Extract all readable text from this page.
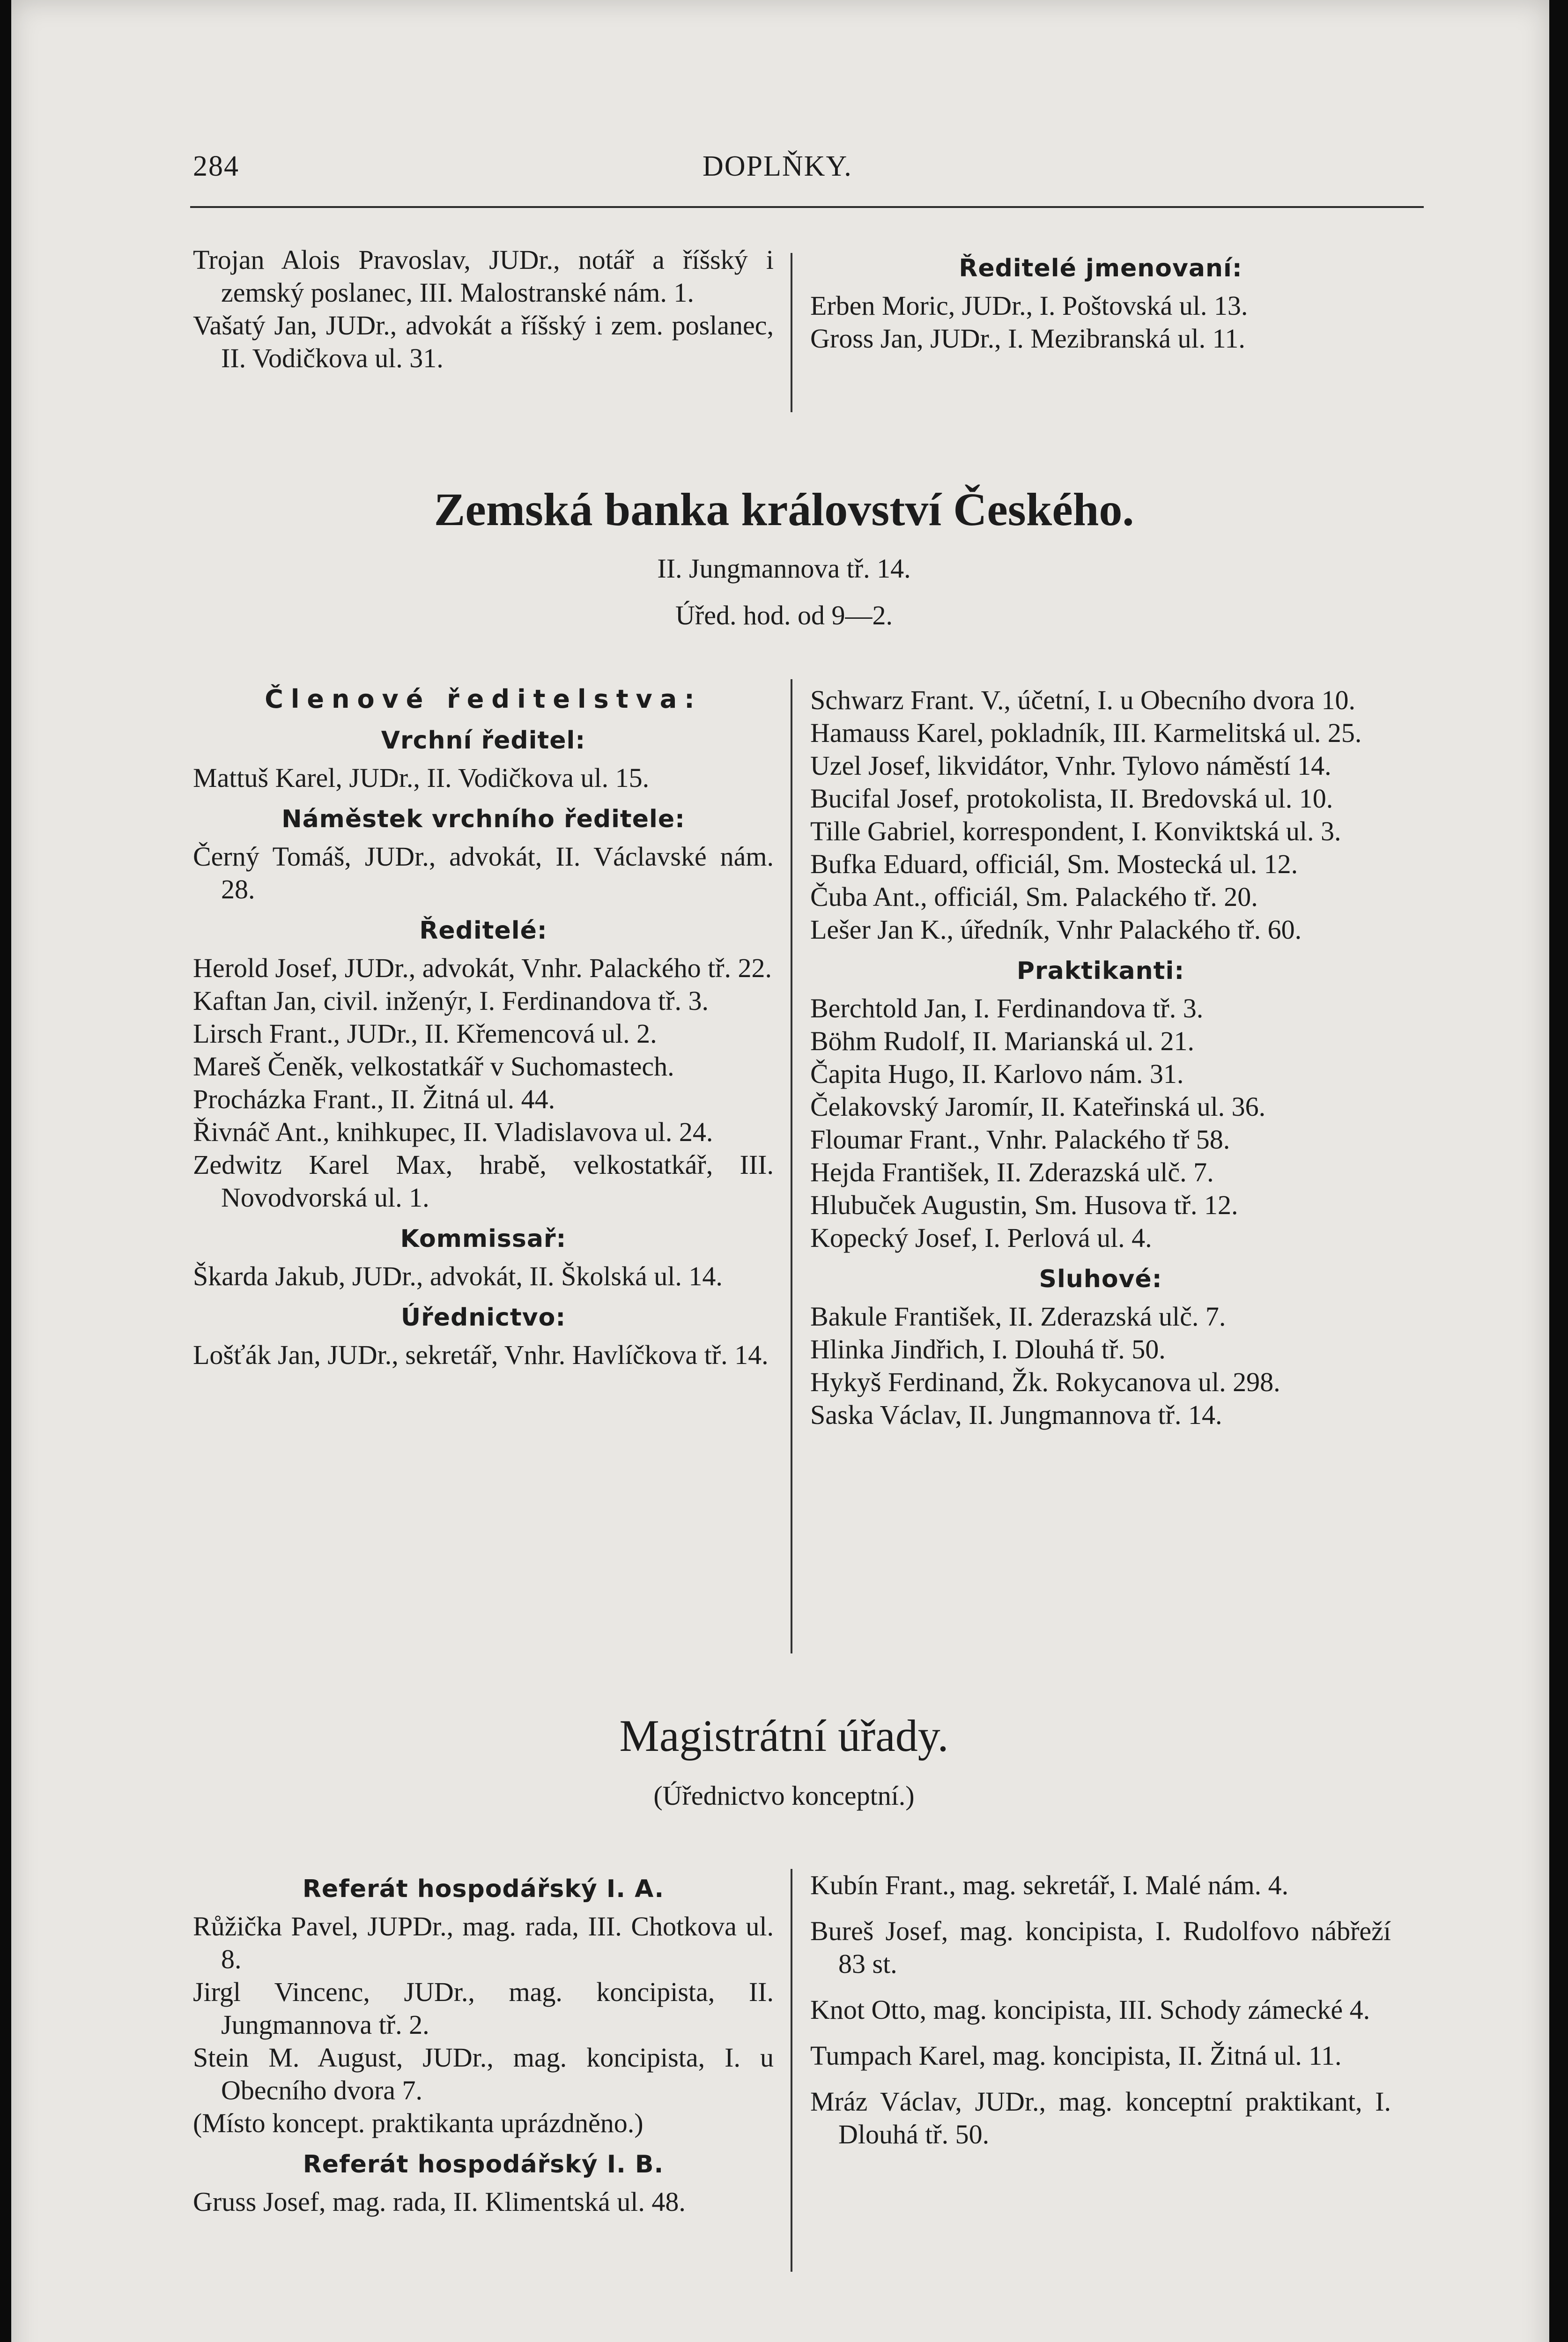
284	DOPLŇKY.

Trojan Alois Pravoslav, JUDr., notář a říšský i zemský poslanec, III. Malostranské nám. 1.

Vašatý Jan, JUDr., advokát a říšský i zem. poslanec, II. Vodičkova ul. 31.

Ředitelé jmenovaní:

Erben Moric, JUDr., I. Poštovská ul. 13.

Gross Jan, JUDr., I. Mezibranská ul. 11.

Zemská banka království Českého.
II. Jungmannova tř. 14.
Úřed. hod. od 9—2.
Členové ředitelstva:
Vrchní ředitel:

Mattuš Karel, JUDr., II. Vodičkova ul. 15.

Náměstek vrchního ředitele:

Černý Tomáš, JUDr., advokát, II. Václavské nám. 28.

Ředitelé:

Herold Josef, JUDr., advokát, Vnhr. Palackého tř. 22.

Kaftan Jan, civil. inženýr, I. Ferdinandova tř. 3.

Lirsch Frant., JUDr., II. Křemencová ul. 2.

Mareš Čeněk, velkostatkář v Suchomastech.

Procházka Frant., II. Žitná ul. 44.

Řivnáč Ant., knihkupec, II. Vladislavova ul. 24.

Zedwitz Karel Max, hrabě, velkostatkář, III. Novodvorská ul. 1.

Kommissař:

Škarda Jakub, JUDr., advokát, II. Školská ul. 14.

Úřednictvo:

Lošťák Jan, JUDr., sekretář, Vnhr. Havlíčkova tř. 14.

Schwarz Frant. V., účetní, I. u Obecního dvora 10.

Hamauss Karel, pokladník, III. Karmelitská ul. 25.

Uzel Josef, likvidátor, Vnhr. Tylovo náměstí 14.

Bucifal Josef, protokolista, II. Bredovská ul. 10.

Tille Gabriel, korrespondent, I. Konviktská ul. 3.

Bufka Eduard, officiál, Sm. Mostecká ul. 12.

Čuba Ant., officiál, Sm. Palackého tř. 20.

Lešer Jan K., úředník, Vnhr Palackého tř. 60.

Praktikanti:

Berchtold Jan, I. Ferdinandova tř. 3.

Böhm Rudolf, II. Marianská ul. 21.

Čapita Hugo, II. Karlovo nám. 31.

Čelakovský Jaromír, II. Kateřinská ul. 36.

Floumar Frant., Vnhr. Palackého tř 58.

Hejda František, II. Zderazská ulč. 7.

Hlubuček Augustin, Sm. Husova tř. 12.

Kopecký Josef, I. Perlová ul. 4.

Sluhové:

Bakule František, II. Zderazská ulč. 7.

Hlinka Jindřich, I. Dlouhá tř. 50.

Hykyš Ferdinand, Žk. Rokycanova ul. 298.

Saska Václav, II. Jungmannova tř. 14.

Magistrátní úřady.
(Úřednictvo konceptní.)
Referát hospodářský I. A.

Růžička Pavel, JUPDr., mag. rada, III. Chotkova ul. 8.

Jirgl Vincenc, JUDr., mag. koncipista, II. Jungmannova tř. 2.

Stein M. August, JUDr., mag. koncipista, I. u Obecního dvora 7.

(Místo koncept. praktikanta uprázdněno.)

Referát hospodářský I. B.

Gruss Josef, mag. rada, II. Klimentská ul. 48.

Kubín Frant., mag. sekretář, I. Malé nám. 4.

Bureš Josef, mag. koncipista, I. Rudolfovo nábřeží 83 st.

Knot Otto, mag. koncipista, III. Schody zámecké 4.

Tumpach Karel, mag. koncipista, II. Žitná ul. 11.

Mráz Václav, JUDr., mag. konceptní praktikant, I. Dlouhá tř. 50.
